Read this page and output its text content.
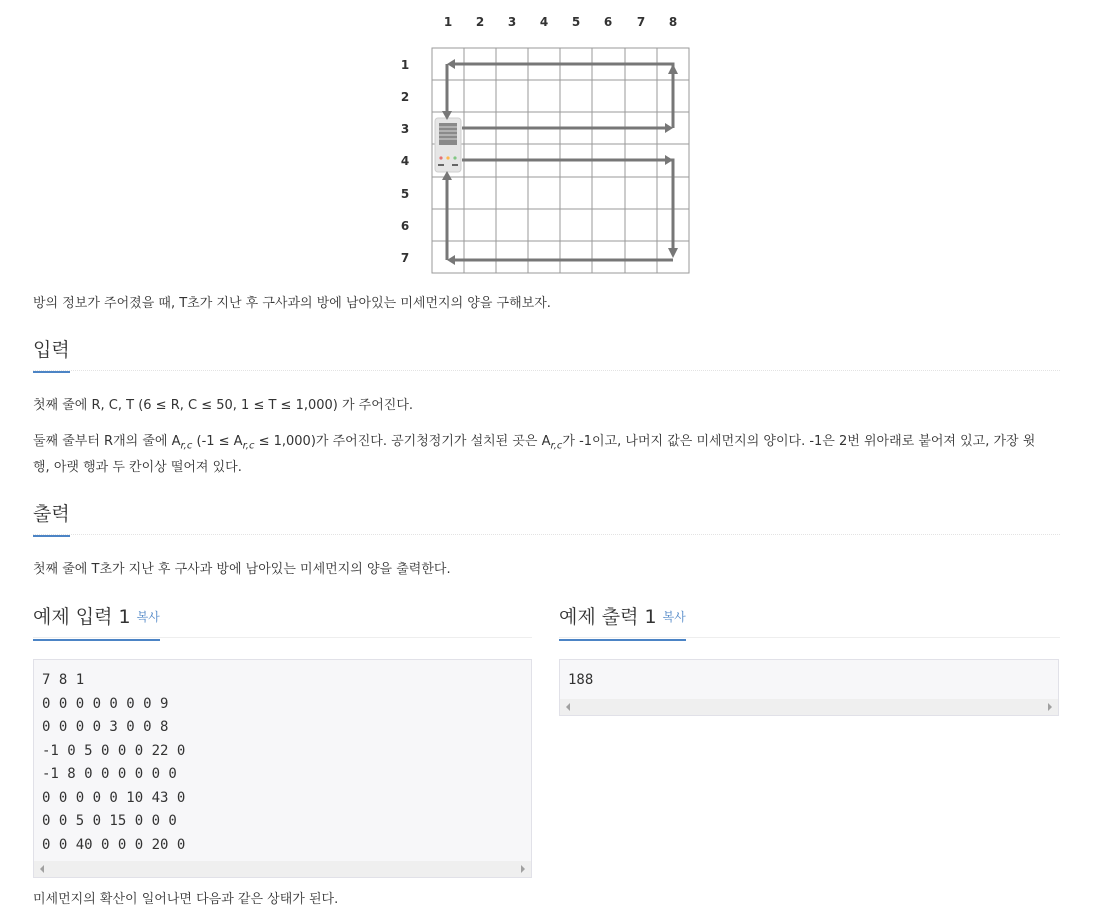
1 2 3 4 5 6 7 8
1
2
3
4
5
6
7
방의 정보가 주어졌을 때, T초가 지난 후 구사과의 방에 남아있는 미세먼지의 양을 구해보자.
입력
첫째 줄에 R, C, T (6 ≤ R, C ≤ 50, 1 ≤ T ≤ 1,000) 가 주어진다.
둘째 줄부터 R개의 줄에 $A_{r,c}$ $(-1 \le A_{r,c} \le 1,000)$가 주어진다. 공기청정기가 설치된 곳은 $A_{r,c}$가 -1이고, 나머지 값은 미세먼지의 양이다. -1은 2번 위아래로 붙어져 있고, 가장 윗
행, 아랫 행과 두 칸이상 떨어져 있다.
출력
첫째 줄에 T초가 지난 후 구사과 방에 남아있는 미세먼지의 양을 출력한다.
예제 입력 1 복사
7 8 1
0 0 0 0 0 0 0 9
0 0 0 0 3 0 0 8
-1 0 5 0 0 0 22 0
-1 8 0 0 0 0 0 0
0 0 0 0 0 10 43 0
0 0 5 0 15 0 0 0
0 0 40 0 0 0 20 0
예제 출력 1 복사
188
미세먼지의 확산이 일어나면 다음과 같은 상태가 된다.
